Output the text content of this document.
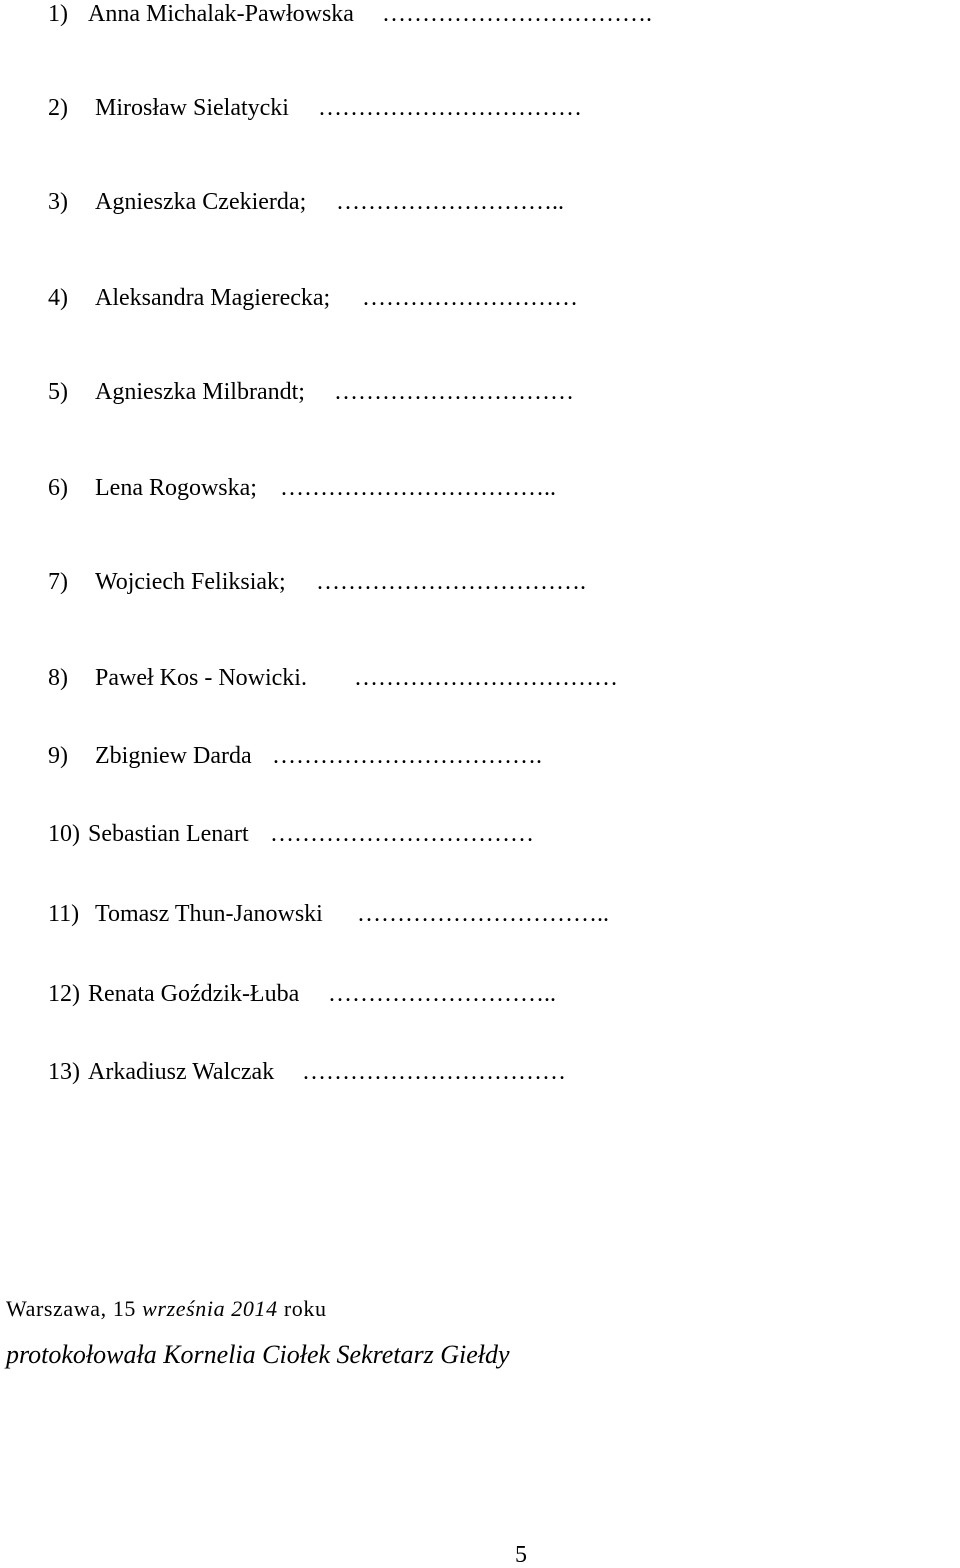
1) Anna Michalak-Pawłowska …………………………….
2) Mirosław Sielatycki ……………………………
3) Agnieszka Czekierda; ………………………..
4) Aleksandra Magierecka; ………………………
5) Agnieszka Milbrandt; …………………………
6) Lena Rogowska; ……………………………..
7) Wojciech Feliksiak; …………………………….
8) Paweł Kos - Nowicki. ……………………………
9) Zbigniew Darda …………………………….
10) Sebastian Lenart ……………………………
11) Tomasz Thun-Janowski …………………………..
12) Renata Goździk-Łuba ………………………..
13) Arkadiusz Walczak ……………………………
Warszawa, 15 września 2014 roku
protokołowała Kornelia Ciołek Sekretarz Giełdy
5
